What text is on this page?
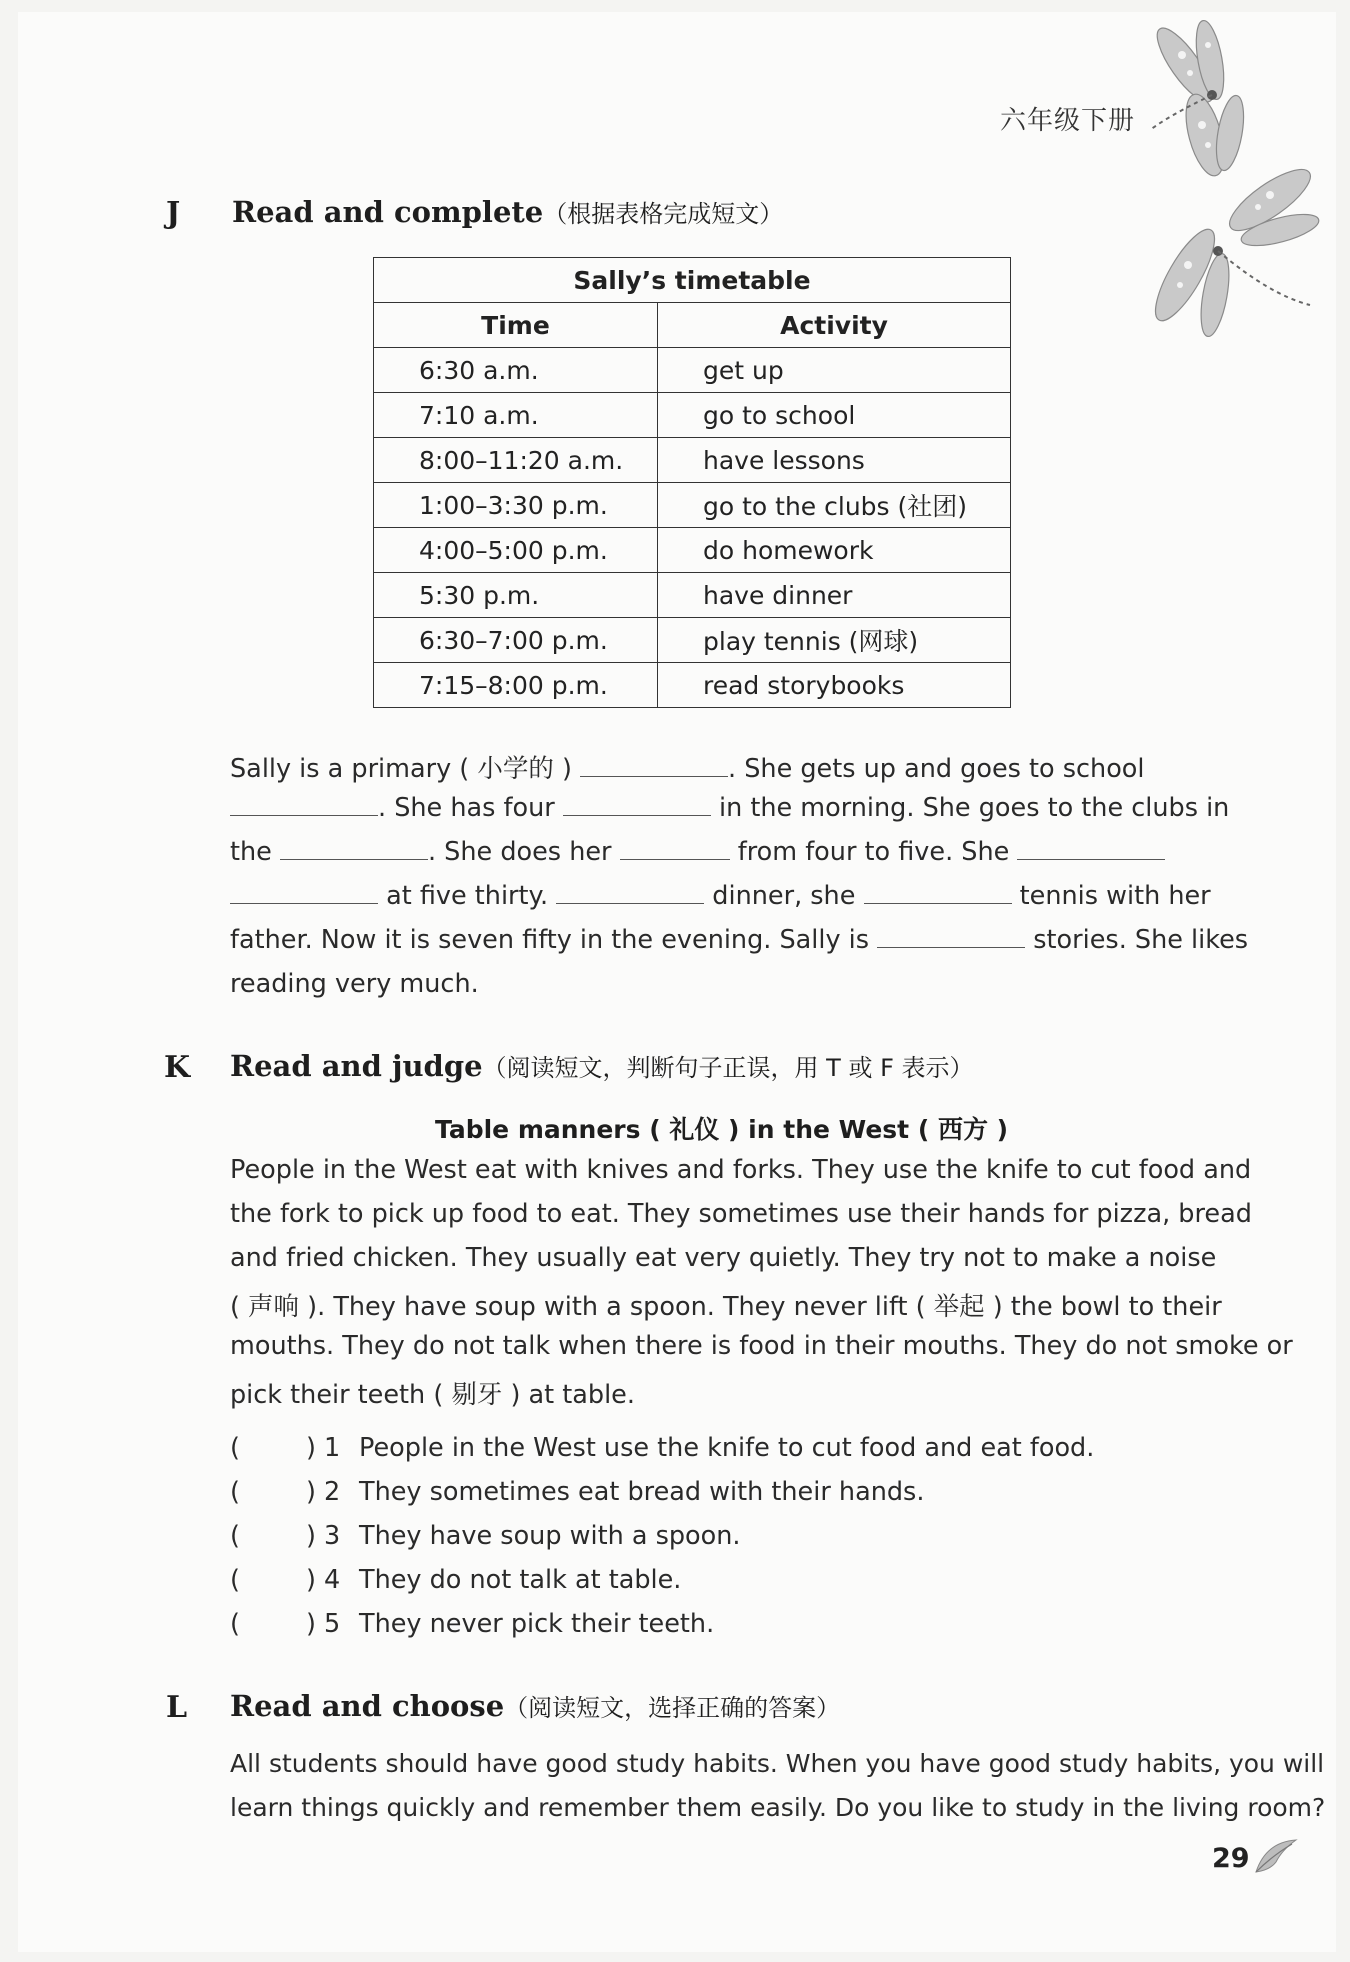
六年级下册
J Read and complete（根据表格完成短文）
Sally’s timetable	
Time	Activity
6:30 a.m.	get up
7:10 a.m.	go to school
8:00–11:20 a.m.	have lessons
1:00–3:30 p.m.	go to the clubs (社团)
4:00–5:00 p.m.	do homework
5:30 p.m.	have dinner
6:30–7:00 p.m.	play tennis (网球)
7:15–8:00 p.m.	read storybooks
Sally is a primary ( 小学的 )	. She gets up and goes to school
. She has four	in the morning. She goes to the clubs in
the	. She does her	from four to five. She
at five thirty.	dinner, she	tennis with her
father. Now it is seven fifty in the evening. Sally is	stories. She likes
reading very much.
K Read and judge（阅读短文，判断句子正误，用 T 或 F 表示）
Table manners ( 礼仪 ) in the West ( 西方 )
People in the West eat with knives and forks. They use the knife to cut food and
the fork to pick up food to eat. They sometimes use their hands for pizza, bread
and fried chicken. They usually eat very quietly. They try not to make a noise
( 声响 ). They have soup with a spoon. They never lift ( 举起 ) the bowl to their
mouths. They do not talk when there is food in their mouths. They do not smoke or
pick their teeth ( 剔牙 ) at table.
(	) 1 People in the West use the knife to cut food and eat food.
(	) 2 They sometimes eat bread with their hands.
(	) 3 They have soup with a spoon.
(	) 4 They do not talk at table.
(	) 5 They never pick their teeth.
L Read and choose（阅读短文，选择正确的答案）
All students should have good study habits. When you have good study habits, you will
learn things quickly and remember them easily. Do you like to study in the living room?
29
